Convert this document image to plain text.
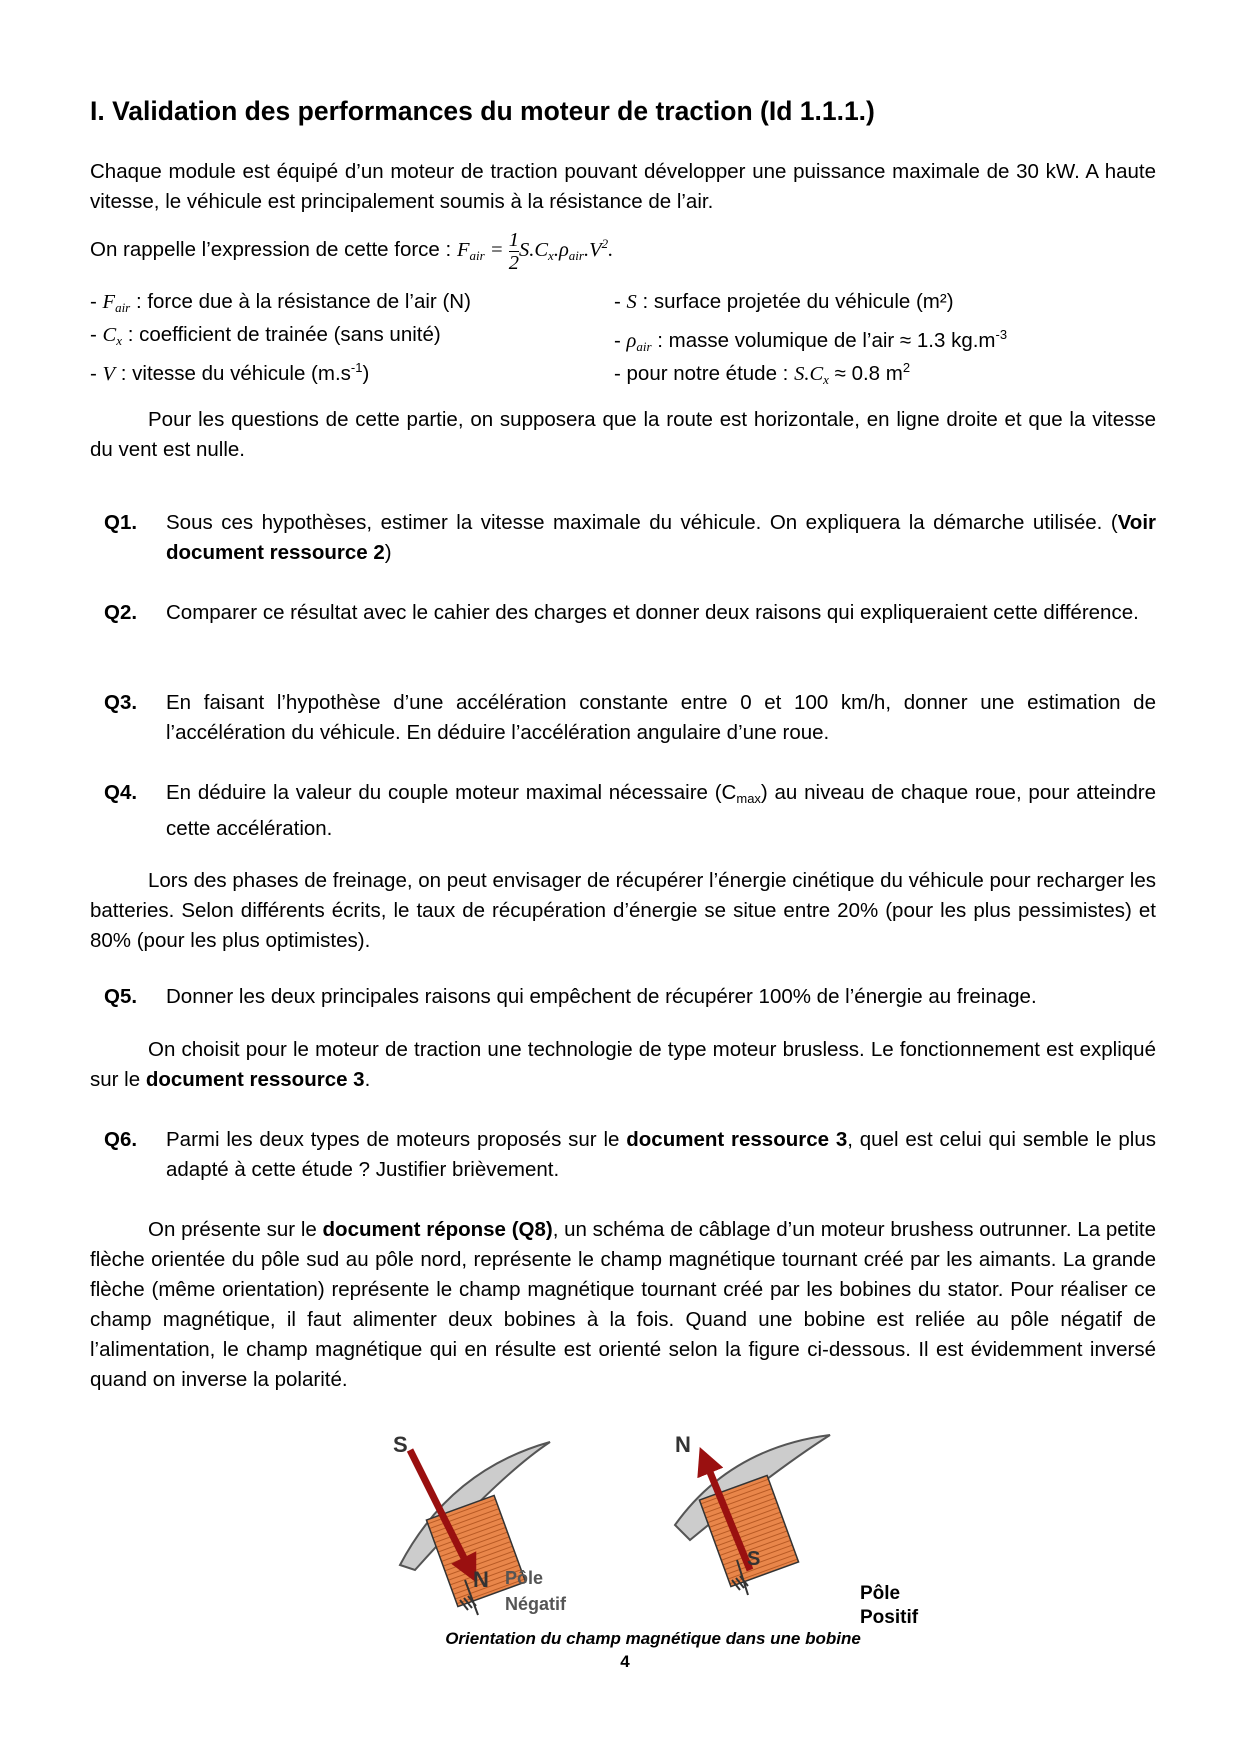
I. Validation des performances du moteur de traction (Id 1.1.1.)
Chaque module est équipé d’un moteur de traction pouvant développer une puissance maximale de 30 kW. A haute vitesse, le véhicule est principalement soumis à la résistance de l’air.
On rappelle l’expression de cette force : $F_{air} = \frac{1}{2} S.C_x.\rho_{air}.V^2$.
- $F_{air}$ : force due à la résistance de l’air (N)	- S : surface projetée du véhicule (m²)
- $C_x$ : coefficient de trainée (sans unité)	- $\rho_{air}$ : masse volumique de l’air ≈ 1.3 $kg.m^{-3}$
- V : vitesse du véhicule $(m.s^{-1})$	- pour notre étude : $S.C_x \approx 0.8$ $m^2$
Pour les questions de cette partie, on supposera que la route est horizontale, en ligne droite et que la vitesse du vent est nulle.
Q1. Sous ces hypothèses, estimer la vitesse maximale du véhicule. On expliquera la démarche utilisée. (Voir document ressource 2)
Q2. Comparer ce résultat avec le cahier des charges et donner deux raisons qui expliqueraient cette différence.
Q3. En faisant l’hypothèse d’une accélération constante entre 0 et 100 km/h, donner une estimation de l’accélération du véhicule. En déduire l’accélération angulaire d’une roue.
Q4. En déduire la valeur du couple moteur maximal nécessaire $(C_{max})$ au niveau de chaque roue, pour atteindre cette accélération.
Lors des phases de freinage, on peut envisager de récupérer l’énergie cinétique du véhicule pour recharger les batteries. Selon différents écrits, le taux de récupération d’énergie se situe entre 20% (pour les plus pessimistes) et 80% (pour les plus optimistes).
Q5. Donner les deux principales raisons qui empêchent de récupérer 100% de l’énergie au freinage.
On choisit pour le moteur de traction une technologie de type moteur brusless. Le fonctionnement est expliqué sur le document ressource 3.
Q6. Parmi les deux types de moteurs proposés sur le document ressource 3, quel est celui qui semble le plus adapté à cette étude ? Justifier brièvement.
On présente sur le document réponse (Q8), un schéma de câblage d’un moteur brushess outrunner. La petite flèche orientée du pôle sud au pôle nord, représente le champ magnétique tournant créé par les aimants. La grande flèche (même orientation) représente le champ magnétique tournant créé par les bobines du stator. Pour réaliser ce champ magnétique, il faut alimenter deux bobines à la fois. Quand une bobine est reliée au pôle négatif de l’alimentation, le champ magnétique qui en résulte est orienté selon la figure ci-dessous. Il est évidemment inversé quand on inverse la polarité.
S
N Pôle
Négatif
N
S
Pôle
Positif
Orientation du champ magnétique dans une bobine
4
